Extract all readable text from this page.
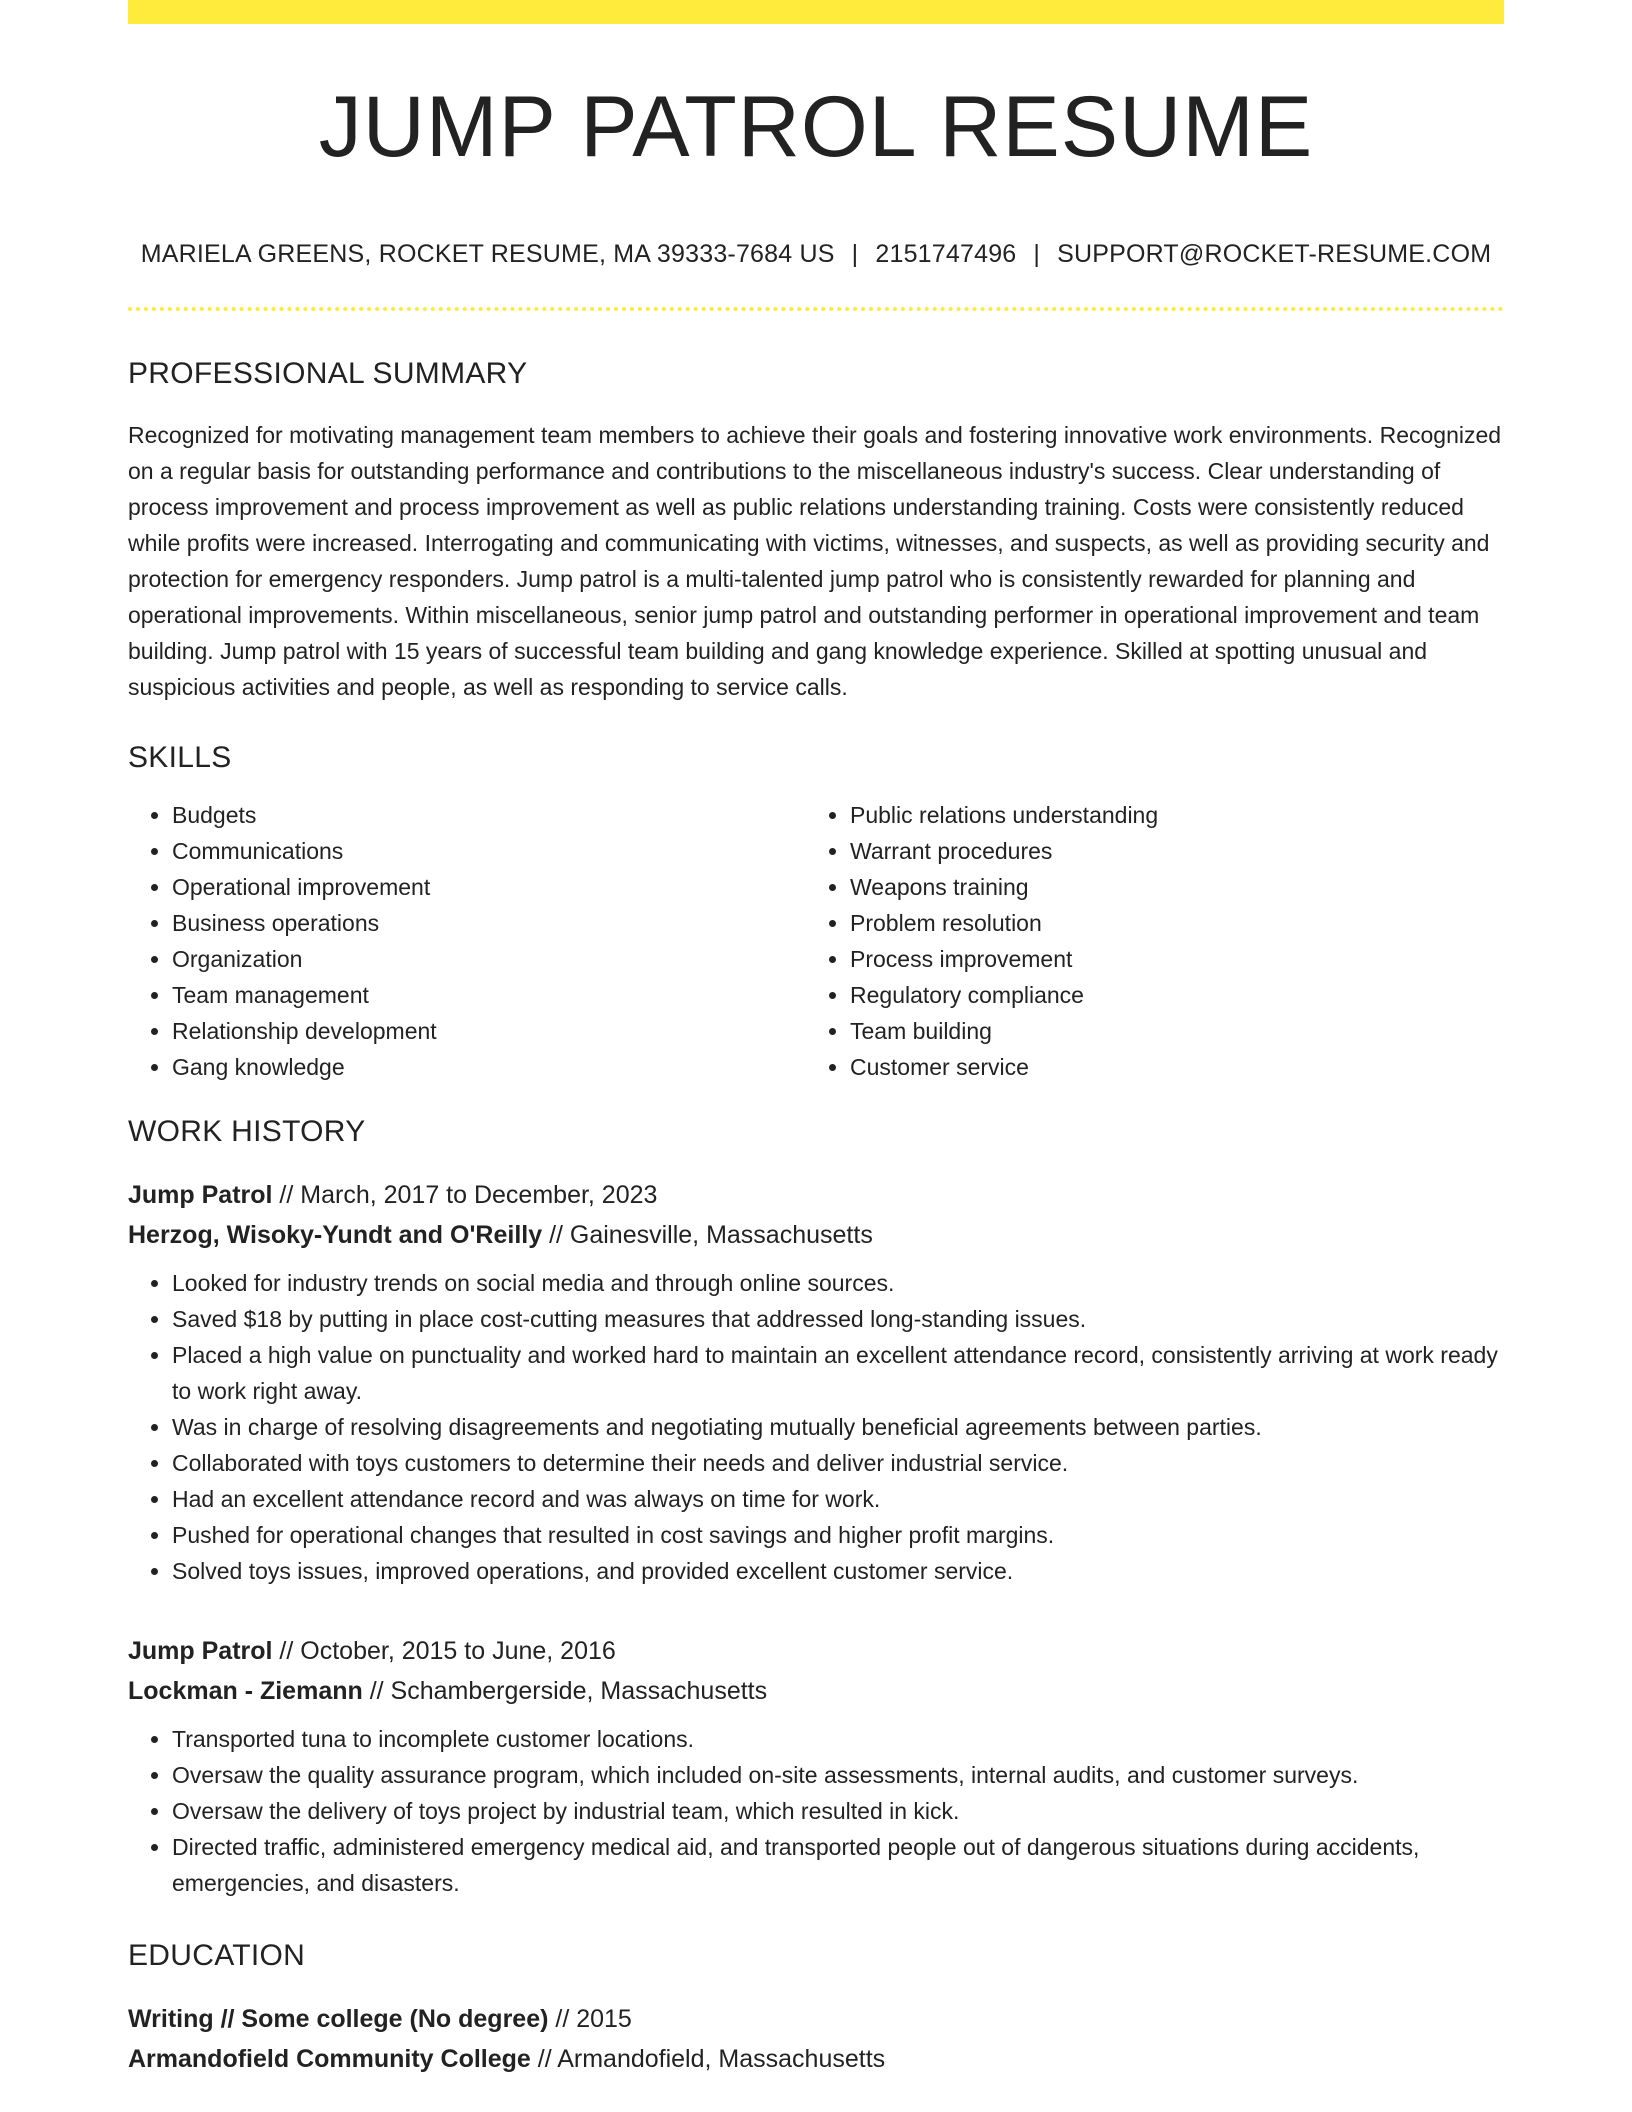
JUMP PATROL RESUME
MARIELA GREENS, ROCKET RESUME, MA 39333-7684 US | 2151747496 | SUPPORT@ROCKET-RESUME.COM
PROFESSIONAL SUMMARY
Recognized for motivating management team members to achieve their goals and fostering innovative work environments. Recognized on a regular basis for outstanding performance and contributions to the miscellaneous industry's success. Clear understanding of process improvement and process improvement as well as public relations understanding training. Costs were consistently reduced while profits were increased. Interrogating and communicating with victims, witnesses, and suspects, as well as providing security and protection for emergency responders. Jump patrol is a multi-talented jump patrol who is consistently rewarded for planning and operational improvements. Within miscellaneous, senior jump patrol and outstanding performer in operational improvement and team building. Jump patrol with 15 years of successful team building and gang knowledge experience. Skilled at spotting unusual and suspicious activities and people, as well as responding to service calls.
SKILLS
• Budgets
• Communications
• Operational improvement
• Business operations
• Organization
• Team management
• Relationship development
• Gang knowledge
• Public relations understanding
• Warrant procedures
• Weapons training
• Problem resolution
• Process improvement
• Regulatory compliance
• Team building
• Customer service
WORK HISTORY
Jump Patrol // March, 2017 to December, 2023
Herzog, Wisoky-Yundt and O'Reilly // Gainesville, Massachusetts
• Looked for industry trends on social media and through online sources.
• Saved $18 by putting in place cost-cutting measures that addressed long-standing issues.
• Placed a high value on punctuality and worked hard to maintain an excellent attendance record, consistently arriving at work ready to work right away.
• Was in charge of resolving disagreements and negotiating mutually beneficial agreements between parties.
• Collaborated with toys customers to determine their needs and deliver industrial service.
• Had an excellent attendance record and was always on time for work.
• Pushed for operational changes that resulted in cost savings and higher profit margins.
• Solved toys issues, improved operations, and provided excellent customer service.
Jump Patrol // October, 2015 to June, 2016
Lockman - Ziemann // Schambergerside, Massachusetts
• Transported tuna to incomplete customer locations.
• Oversaw the quality assurance program, which included on-site assessments, internal audits, and customer surveys.
• Oversaw the delivery of toys project by industrial team, which resulted in kick.
• Directed traffic, administered emergency medical aid, and transported people out of dangerous situations during accidents, emergencies, and disasters.
EDUCATION
Writing // Some college (No degree) // 2015
Armandofield Community College // Armandofield, Massachusetts
